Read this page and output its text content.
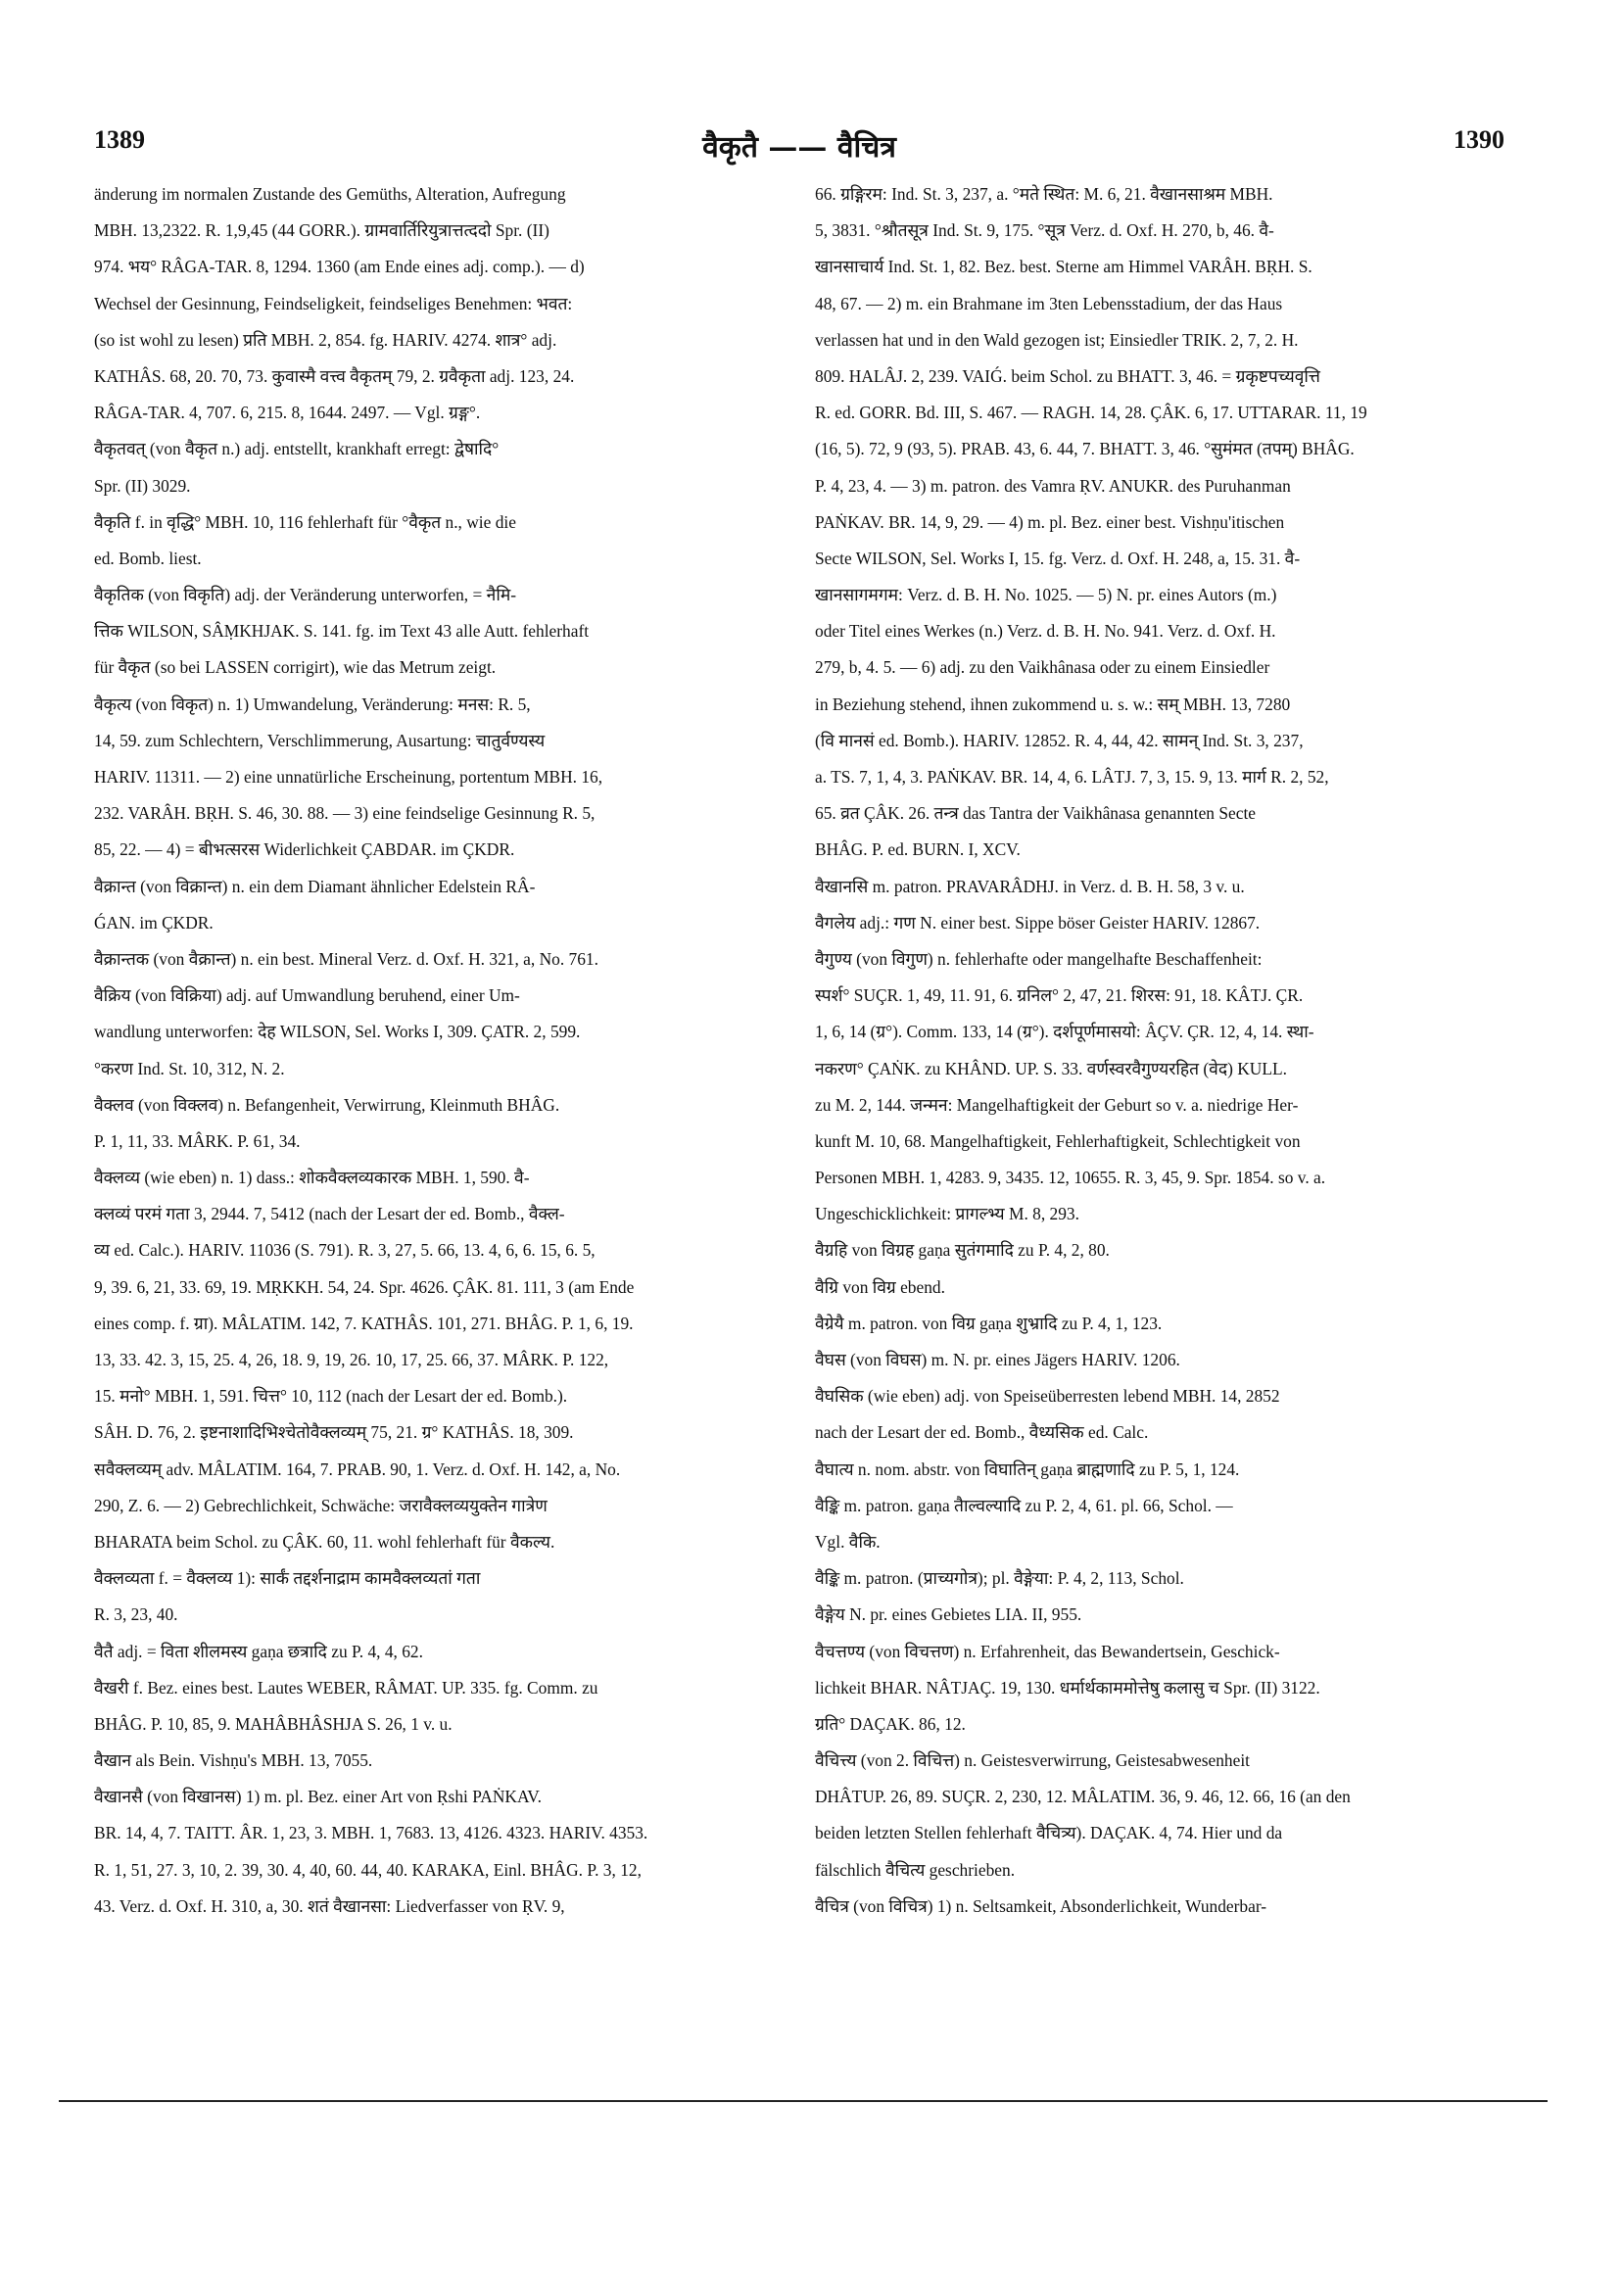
1389	वैकृतै —— वैचित्र	1390
änderung im normalen Zustande des Gemüths, Alteration, Aufregung
MBH. 13,2322. R. 1,9,45 (44 GORR.). ग्रामवार्तिरियुत्रात्तत्ददो Spr. (II)
974. भय° RÂGA-TAR. 8, 1294. 1360 (am Ende eines adj. comp.). — d)
Wechsel der Gesinnung, Feindseligkeit, feindseliges Benehmen: भवत:
(so ist wohl zu lesen) प्रति MBH. 2, 854. fg. HARIV. 4274. शात्र° adj.
KATHÂS. 68, 20. 70, 73. कुवास्मै वत्त्व वैकृतम् 79, 2. ग्रवैकृता adj. 123, 24.
RÂGA-TAR. 4, 707. 6, 215. 8, 1644. 2497. — Vgl. ग्रङ्ग°.
वैकृतवत् (von वैकृत n.) adj. entstellt, krankhaft erregt: द्वेषादि°
Spr. (II) 3029.
वैकृति f. in वृद्धि° MBH. 10, 116 fehlerhaft für °वैकृत n., wie die
ed. Bomb. liest.
वैकृतिक (von विकृति) adj. der Veränderung unterworfen, = नैमि-
त्तिक WILSON, SÂṂKHJAK. S. 141. fg. im Text 43 alle Autt. fehlerhaft
für वैकृत (so bei LASSEN corrigirt), wie das Metrum zeigt.
वैकृत्य (von विकृत) n. 1) Umwandelung, Veränderung: मनस: R. 5,
14, 59. zum Schlechtern, Verschlimmerung, Ausartung: चातुर्वण्यस्य
HARIV. 11311. — 2) eine unnatürliche Erscheinung, portentum MBH. 16,
232. VARÂH. BṚH. S. 46, 30. 88. — 3) eine feindselige Gesinnung R. 5,
85, 22. — 4) = बीभत्सरस Widerlichkeit ÇABDAR. im ÇKDR.
वैक्रान्त (von विक्रान्त) n. ein dem Diamant ähnlicher Edelstein RÂ-
ǴAN. im ÇKDR.
वैक्रान्तक (von वैक्रान्त) n. ein best. Mineral Verz. d. Oxf. H. 321, a, No. 761.
वैक्रिय (von विक्रिया) adj. auf Umwandlung beruhend, einer Um-
wandlung unterworfen: देह WILSON, Sel. Works I, 309. ÇATR. 2, 599.
°करण Ind. St. 10, 312, N. 2.
वैक्लव (von विक्लव) n. Befangenheit, Verwirrung, Kleinmuth BHÂG.
P. 1, 11, 33. MÂRK. P. 61, 34.
वैक्लव्य (wie eben) n. 1) dass.: शोकवैक्लव्यकारक MBH. 1, 590. वै-
क्लव्यं परमं गता 3, 2944. 7, 5412 (nach der Lesart der ed. Bomb., वैक्ल-
व्य ed. Calc.). HARIV. 11036 (S. 791). R. 3, 27, 5. 66, 13. 4, 6, 6. 15, 6. 5,
9, 39. 6, 21, 33. 69, 19. MṚKKH. 54, 24. Spr. 4626. ÇÂK. 81. 111, 3 (am Ende
eines comp. f. ग्रा). MÂLATIM. 142, 7. KATHÂS. 101, 271. BHÂG. P. 1, 6, 19.
13, 33. 42. 3, 15, 25. 4, 26, 18. 9, 19, 26. 10, 17, 25. 66, 37. MÂRK. P. 122,
15. मनो° MBH. 1, 591. चित्त° 10, 112 (nach der Lesart der ed. Bomb.).
SÂH. D. 76, 2. इष्टनाशादिभिश्चेतोवैक्लव्यम् 75, 21. ग्र° KATHÂS. 18, 309.
सवैक्लव्यम् adv. MÂLATIM. 164, 7. PRAB. 90, 1. Verz. d. Oxf. H. 142, a, No.
290, Z. 6. — 2) Gebrechlichkeit, Schwäche: जरावैक्लव्ययुक्तेन गात्रेण
BHARATA beim Schol. zu ÇÂK. 60, 11. wohl fehlerhaft für वैकल्य.
वैक्लव्यता f. = वैक्लव्य 1): सार्कं तद्दर्शनाद्राम कामवैक्लव्यतां गता
R. 3, 23, 40.
वैतै adj. = विता शीलमस्य gaṇa छत्रादि zu P. 4, 4, 62.
वैखरी f. Bez. eines best. Lautes WEBER, RÂMAT. UP. 335. fg. Comm. zu
BHÂG. P. 10, 85, 9. MAHÂBHÂSHJA S. 26, 1 v. u.
वैखान als Bein. Vishṇu's MBH. 13, 7055.
वैखानसै (von विखानस) 1) m. pl. Bez. einer Art von Ṛshi PAṄKAV.
BR. 14, 4, 7. TAITT. ÂR. 1, 23, 3. MBH. 1, 7683. 13, 4126. 4323. HARIV. 4353.
R. 1, 51, 27. 3, 10, 2. 39, 30. 4, 40, 60. 44, 40. KARAKA, Einl. BHÂG. P. 3, 12,
43. Verz. d. Oxf. H. 310, a, 30. शतं वैखानसा: Liedverfasser von ṚV. 9,
66. ग्रङ्गिरम: Ind. St. 3, 237, a. °मते स्थित: M. 6, 21. वैखानसाश्रम MBH.
5, 3831. °श्रौतसूत्र Ind. St. 9, 175. °सूत्र Verz. d. Oxf. H. 270, b, 46. वै-
खानसाचार्य Ind. St. 1, 82. Bez. best. Sterne am Himmel VARÂH. BṚH. S.
48, 67. — 2) m. ein Brahmane im 3ten Lebensstadium, der das Haus
verlassen hat und in den Wald gezogen ist; Einsiedler TRIK. 2, 7, 2. H.
809. HALÂJ. 2, 239. VAIǴ. beim Schol. zu BHATT. 3, 46. = ग्रकृष्टपच्यवृत्ति
R. ed. GORR. Bd. III, S. 467. — RAGH. 14, 28. ÇÂK. 6, 17. UTTARAR. 11, 19
(16, 5). 72, 9 (93, 5). PRAB. 43, 6. 44, 7. BHATT. 3, 46. °सुमंमत (तपम्) BHÂG.
P. 4, 23, 4. — 3) m. patron. des Vamra ṚV. ANUKR. des Puruhanman
PAṄKAV. BR. 14, 9, 29. — 4) m. pl. Bez. einer best. Vishṇu'itischen
Secte WILSON, Sel. Works I, 15. fg. Verz. d. Oxf. H. 248, a, 15. 31. वै-
खानसागमगम: Verz. d. B. H. No. 1025. — 5) N. pr. eines Autors (m.)
oder Titel eines Werkes (n.) Verz. d. B. H. No. 941. Verz. d. Oxf. H.
279, b, 4. 5. — 6) adj. zu den Vaikhânasa oder zu einem Einsiedler
in Beziehung stehend, ihnen zukommend u. s. w.: सम् MBH. 13, 7280
(वि मानसं ed. Bomb.). HARIV. 12852. R. 4, 44, 42. सामन् Ind. St. 3, 237,
a. TS. 7, 1, 4, 3. PAṄKAV. BR. 14, 4, 6. LÂTJ. 7, 3, 15. 9, 13. मार्ग R. 2, 52,
65. व्रत ÇÂK. 26. तन्त्र das Tantra der Vaikhânasa genannten Secte
BHÂG. P. ed. BURN. I, XCV.
वैखानसि m. patron. PRAVARÂDHJ. in Verz. d. B. H. 58, 3 v. u.
वैगलेय adj.: गण N. einer best. Sippe böser Geister HARIV. 12867.
वैगुण्य (von विगुण) n. fehlerhafte oder mangelhafte Beschaffenheit:
स्पर्श° SUÇR. 1, 49, 11. 91, 6. ग्रनिल° 2, 47, 21. शिरस: 91, 18. KÂTJ. ÇR.
1, 6, 14 (ग्र°). Comm. 133, 14 (ग्र°). दर्शपूर्णमासयो: ÂÇV. ÇR. 12, 4, 14. स्था-
नकरण° ÇAṄK. zu KHÂND. UP. S. 33. वर्णस्वरवैगुण्यरहित (वेद) KULL.
zu M. 2, 144. जन्मन: Mangelhaftigkeit der Geburt so v. a. niedrige Her-
kunft M. 10, 68. Mangelhaftigkeit, Fehlerhaftigkeit, Schlechtigkeit von
Personen MBH. 1, 4283. 9, 3435. 12, 10655. R. 3, 45, 9. Spr. 1854. so v. a.
Ungeschicklichkeit: प्रागल्भ्य M. 8, 293.
वैग्रहि von विग्रह gaṇa सुतंगमादि zu P. 4, 2, 80.
वैग्रि von विग्र ebend.
वैग्रेयै m. patron. von विग्र gaṇa शुभ्रादि zu P. 4, 1, 123.
वैघस (von विघस) m. N. pr. eines Jägers HARIV. 1206.
वैघसिक (wie eben) adj. von Speiseüberresten lebend MBH. 14, 2852
nach der Lesart der ed. Bomb., वैध्यसिक ed. Calc.
वैघात्य n. nom. abstr. von विघातिन् gaṇa ब्राह्मणादि zu P. 5, 1, 124.
वैङ्कि m. patron. gaṇa तैाल्वल्यादि zu P. 2, 4, 61. pl. 66, Schol. —
Vgl. वैकि.
वैङ्कि m. patron. (प्राच्यगोत्र); pl. वैङ्गेया: P. 4, 2, 113, Schol.
वैङ्गेय N. pr. eines Gebietes LIA. II, 955.
वैचत्तण्य (von विचत्तण) n. Erfahrenheit, das Bewandertsein, Geschick-
lichkeit BHAR. NÂTJAÇ. 19, 130. धर्मार्थकाममोत्तेषु कलासु च Spr. (II) 3122.
ग्रति° DAÇAK. 86, 12.
वैचित्त्य (von 2. विचित्त) n. Geistesverwirrung, Geistesabwesenheit
DHÂTUP. 26, 89. SUÇR. 2, 230, 12. MÂLATIM. 36, 9. 46, 12. 66, 16 (an den
beiden letzten Stellen fehlerhaft वैचित्र्य). DAÇAK. 4, 74. Hier und da
fälschlich वैचित्य geschrieben.
वैचित्र (von विचित्र) 1) n. Seltsamkeit, Absonderlichkeit, Wunderbar-
